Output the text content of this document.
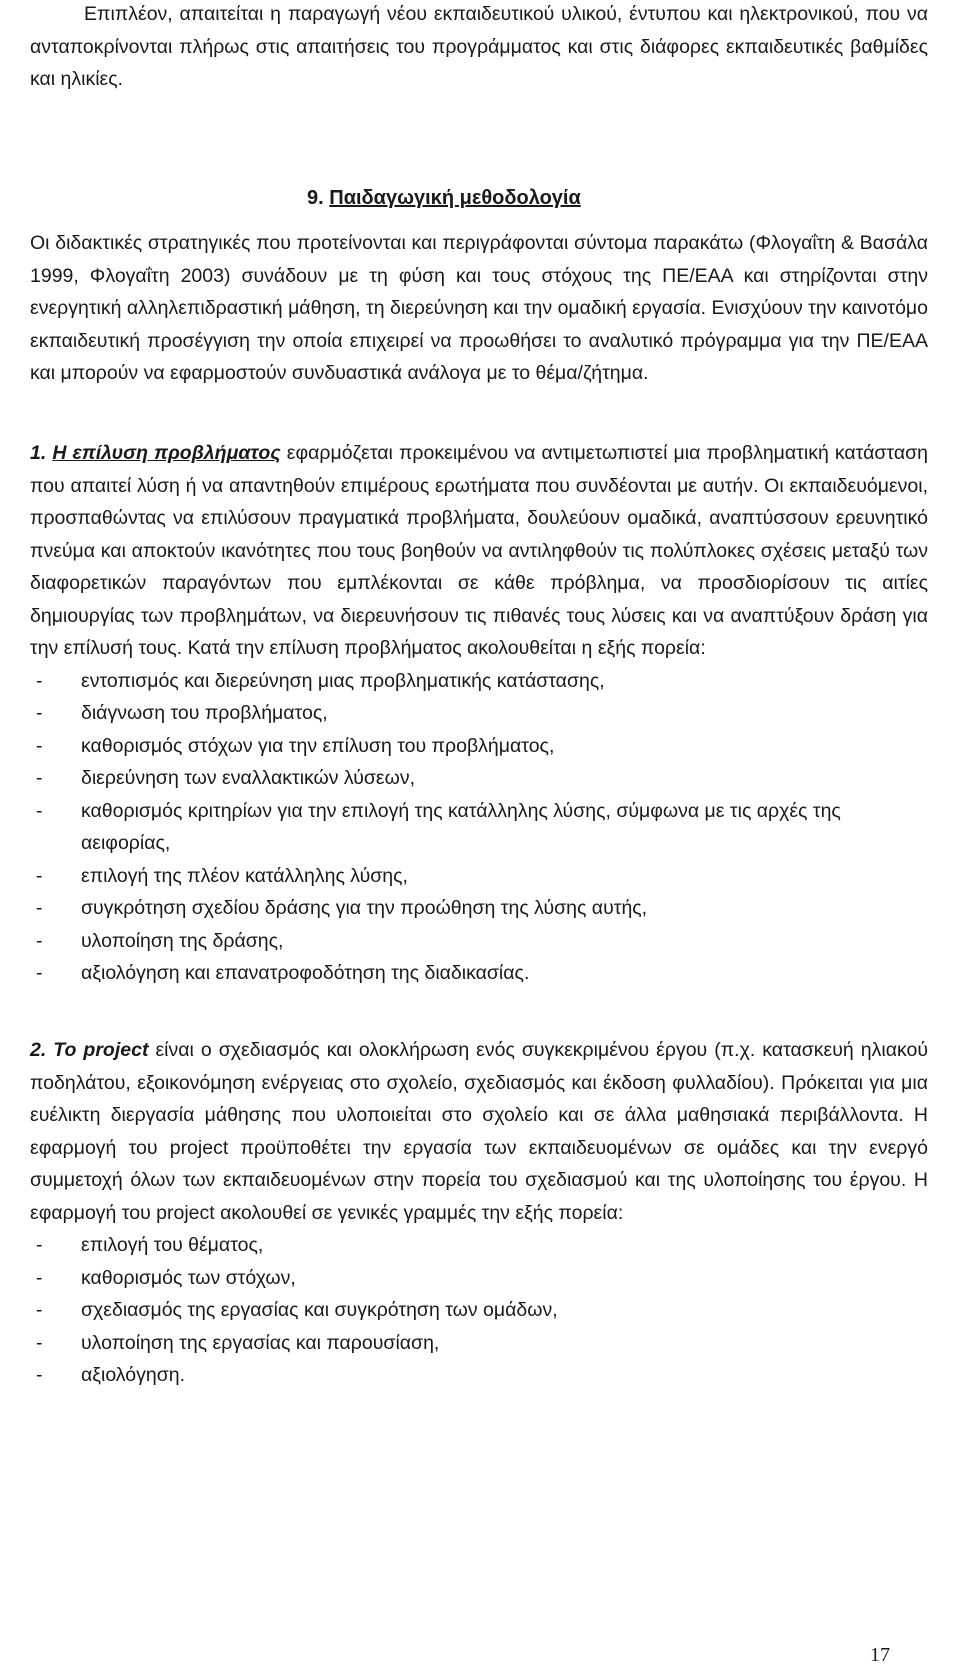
Επιπλέον, απαιτείται η παραγωγή νέου εκπαιδευτικού υλικού, έντυπου και ηλεκτρονικού, που να ανταποκρίνονται πλήρως στις απαιτήσεις του προγράμματος και στις διάφορες εκπαιδευτικές βαθμίδες και ηλικίες.

9. Παιδαγωγική μεθοδολογία

Οι διδακτικές στρατηγικές που προτείνονται και περιγράφονται σύντομα παρακάτω (Φλογαΐτη & Βασάλα 1999, Φλογαΐτη 2003) συνάδουν με τη φύση και τους στόχους της ΠΕ/ΕΑΑ και στηρίζονται στην ενεργητική αλληλεπιδραστική μάθηση, τη διερεύνηση και την ομαδική εργασία. Ενισχύουν την καινοτόμο εκπαιδευτική προσέγγιση την οποία επιχειρεί να προωθήσει το αναλυτικό πρόγραμμα για την ΠΕ/ΕΑΑ και μπορούν να εφαρμοστούν συνδυαστικά ανάλογα με το θέμα/ζήτημα.

1. Η επίλυση προβλήματος εφαρμόζεται προκειμένου να αντιμετωπιστεί μια προβληματική κατάσταση που απαιτεί λύση ή να απαντηθούν επιμέρους ερωτήματα που συνδέονται με αυτήν. Οι εκπαιδευόμενοι, προσπαθώντας να επιλύσουν πραγματικά προβλήματα, δουλεύουν ομαδικά, αναπτύσσουν ερευνητικό πνεύμα και αποκτούν ικανότητες που τους βοηθούν να αντιληφθούν τις πολύπλοκες σχέσεις μεταξύ των διαφορετικών παραγόντων που εμπλέκονται σε κάθε πρόβλημα, να προσδιορίσουν τις αιτίες δημιουργίας των προβλημάτων, να διερευνήσουν τις πιθανές τους λύσεις και να αναπτύξουν δράση για την επίλυσή τους. Κατά την επίλυση προβλήματος ακολουθείται η εξής πορεία:

- εντοπισμός και διερεύνηση μιας προβληματικής κατάστασης,
- διάγνωση του προβλήματος,
- καθορισμός στόχων για την επίλυση του προβλήματος,
- διερεύνηση των εναλλακτικών λύσεων,
- καθορισμός κριτηρίων για την επιλογή της κατάλληλης λύσης, σύμφωνα με τις αρχές της αειφορίας,
- επιλογή της πλέον κατάλληλης λύσης,
- συγκρότηση σχεδίου δράσης για την προώθηση της λύσης αυτής,
- υλοποίηση της δράσης,
- αξιολόγηση και επανατροφοδότηση της διαδικασίας.

2. Το project είναι ο σχεδιασμός και ολοκλήρωση ενός συγκεκριμένου έργου (π.χ. κατασκευή ηλιακού ποδηλάτου, εξοικονόμηση ενέργειας στο σχολείο, σχεδιασμός και έκδοση φυλλαδίου). Πρόκειται για μια ευέλικτη διεργασία μάθησης που υλοποιείται στο σχολείο και σε άλλα μαθησιακά περιβάλλοντα. Η εφαρμογή του project προϋποθέτει την εργασία των εκπαιδευομένων σε ομάδες και την ενεργό συμμετοχή όλων των εκπαιδευομένων στην πορεία του σχεδιασμού και της υλοποίησης του έργου. Η εφαρμογή του project ακολουθεί σε γενικές γραμμές την εξής πορεία:

- επιλογή του θέματος,
- καθορισμός των στόχων,
- σχεδιασμός της εργασίας και συγκρότηση των ομάδων,
- υλοποίηση της εργασίας και παρουσίαση,
- αξιολόγηση.
17
